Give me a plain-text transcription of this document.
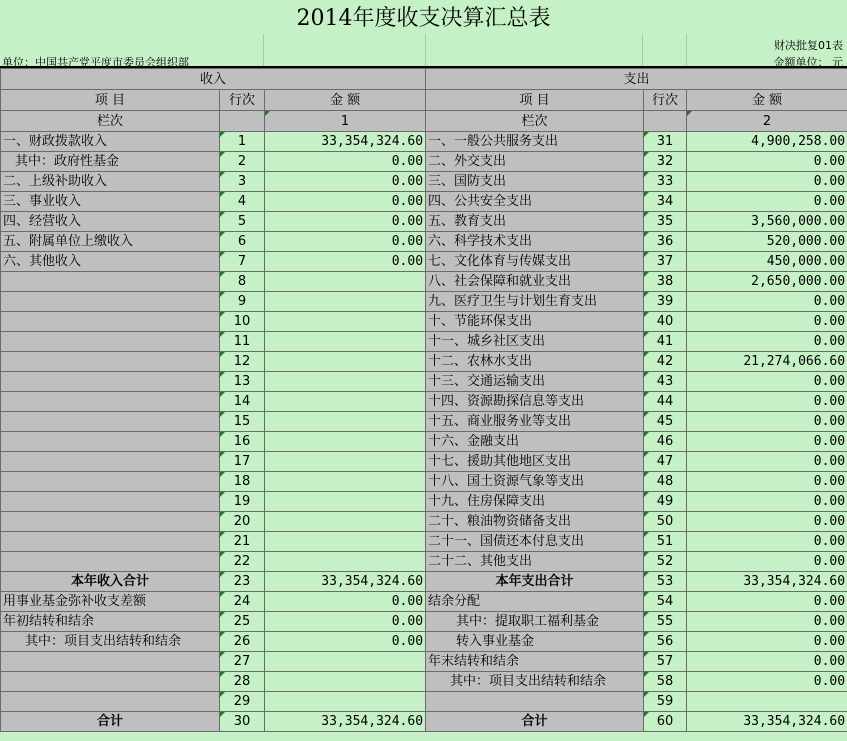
2014年度收支决算汇总表
财决批复01表
单位：中国共产党平度市委员会组织部	金额单位： 元
收入			支出		
项 目	行次	金 额	项 目	行次	金 额
栏次		1	栏次		2
一、财政拨款收入	1	33,354,324.60	一、一般公共服务支出	31	4,900,258.00
其中：政府性基金	2	0.00	二、外交支出	32	0.00
二、上级补助收入	3	0.00	三、国防支出	33	0.00
三、事业收入	4	0.00	四、公共安全支出	34	0.00
四、经营收入	5	0.00	五、教育支出	35	3,560,000.00
五、附属单位上缴收入	6	0.00	六、科学技术支出	36	520,000.00
六、其他收入	7	0.00	七、文化体育与传媒支出	37	450,000.00
	8		八、社会保障和就业支出	38	2,650,000.00
	9		九、医疗卫生与计划生育支出	39	0.00
	10		十、节能环保支出	40	0.00
	11		十一、城乡社区支出	41	0.00
	12		十二、农林水支出	42	21,274,066.60
	13		十三、交通运输支出	43	0.00
	14		十四、资源勘探信息等支出	44	0.00
	15		十五、商业服务业等支出	45	0.00
	16		十六、金融支出	46	0.00
	17		十七、援助其他地区支出	47	0.00
	18		十八、国土资源气象等支出	48	0.00
	19		十九、住房保障支出	49	0.00
	20		二十、粮油物资储备支出	50	0.00
	21		二十一、国债还本付息支出	51	0.00
	22		二十二、其他支出	52	0.00
本年收入合计	23	33,354,324.60	本年支出合计	53	33,354,324.60
用事业基金弥补收支差额	24	0.00	结余分配	54	0.00
年初结转和结余	25	0.00	其中：提取职工福利基金	55	0.00
其中：项目支出结转和结余	26	0.00	转入事业基金	56	0.00
	27		年末结转和结余	57	0.00
	28		其中：项目支出结转和结余	58	0.00
	29			59	
合计	30	33,354,324.60	合计	60	33,354,324.60
